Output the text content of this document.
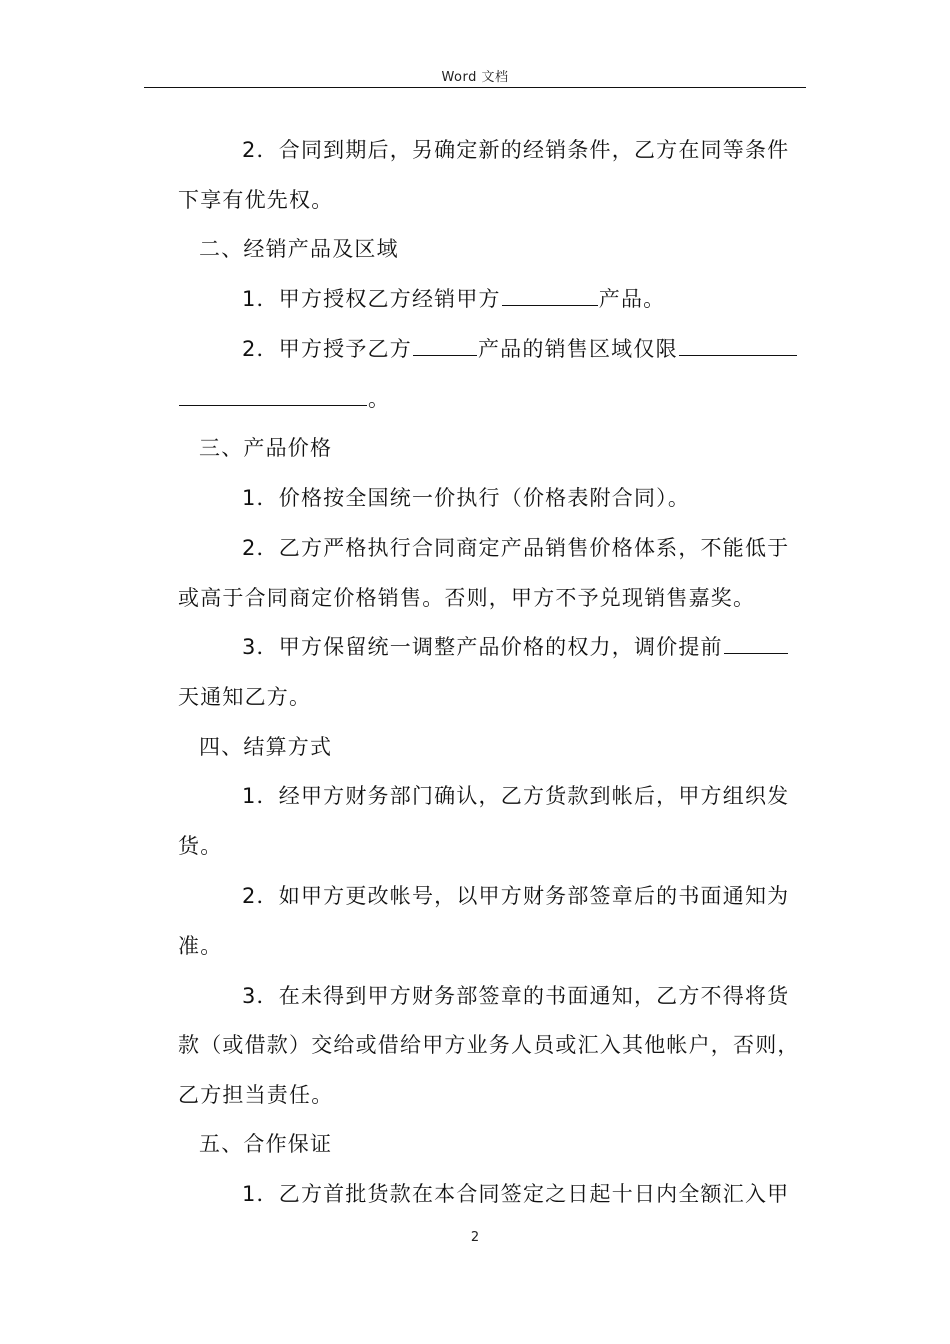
Word 文档
2．合同到期后，另确定新的经销条件，乙方在同等条件
下享有优先权。
二、经销产品及区域
1．甲方授权乙方经销甲方	产品。
2．甲方授予乙方	产品的销售区域仅限
。
三、产品价格
1．价格按全国统一价执行（价格表附合同）。
2．乙方严格执行合同商定产品销售价格体系，不能低于
或高于合同商定价格销售。否则，甲方不予兑现销售嘉奖。
3．甲方保留统一调整产品价格的权力，调价提前
天通知乙方。
四、结算方式
1．经甲方财务部门确认，乙方货款到帐后，甲方组织发
货。
2．如甲方更改帐号，以甲方财务部签章后的书面通知为
准。
3．在未得到甲方财务部签章的书面通知，乙方不得将货
款（或借款）交给或借给甲方业务人员或汇入其他帐户，否则，
乙方担当责任。
五、合作保证
1．乙方首批货款在本合同签定之日起十日内全额汇入甲
2
